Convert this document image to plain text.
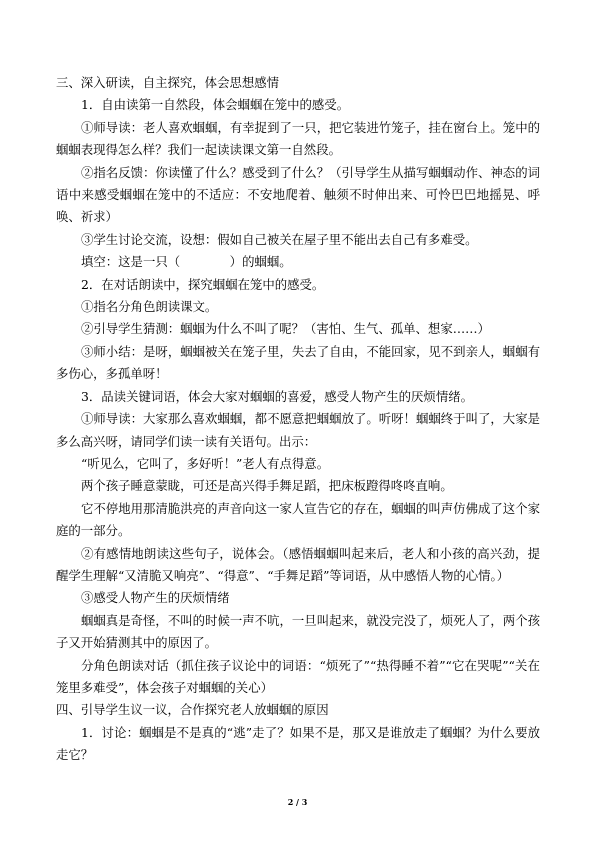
三、深入研读，自主探究，体会思想感情

1．自由读第一自然段，体会蝈蝈在笼中的感受。

①师导读：老人喜欢蝈蝈，有幸捉到了一只，把它装进竹笼子，挂在窗台上。笼中的蝈蝈表现得怎么样？我们一起读读课文第一自然段。

②指名反馈：你读懂了什么？感受到了什么？（引导学生从描写蝈蝈动作、神态的词语中来感受蝈蝈在笼中的不适应：不安地爬着、触须不时伸出来、可怜巴巴地摇晃、呼唤、祈求）

③学生讨论交流，设想：假如自己被关在屋子里不能出去自己有多难受。

填空：这是一只（　　　　）的蝈蝈。

2．在对话朗读中，探究蝈蝈在笼中的感受。

①指名分角色朗读课文。

②引导学生猜测：蝈蝈为什么不叫了呢？（害怕、生气、孤单、想家……）

③师小结：是呀，蝈蝈被关在笼子里，失去了自由，不能回家，见不到亲人，蝈蝈有多伤心，多孤单呀！

3．品读关键词语，体会大家对蝈蝈的喜爱，感受人物产生的厌烦情绪。

①师导读：大家那么喜欢蝈蝈，都不愿意把蝈蝈放了。听呀！蝈蝈终于叫了，大家是多么高兴呀，请同学们读一读有关语句。出示：

“听见么，它叫了，多好听！”老人有点得意。

两个孩子睡意蒙眬，可还是高兴得手舞足蹈，把床板蹬得咚咚直响。

它不停地用那清脆洪亮的声音向这一家人宣告它的存在，蝈蝈的叫声仿佛成了这个家庭的一部分。

②有感情地朗读这些句子，说体会。（感悟蝈蝈叫起来后，老人和小孩的高兴劲，提醒学生理解“又清脆又响亮”、“得意”、“手舞足蹈”等词语，从中感悟人物的心情。）

③感受人物产生的厌烦情绪

蝈蝈真是奇怪，不叫的时候一声不吭，一旦叫起来，就没完没了，烦死人了，两个孩子又开始猜测其中的原因了。

分角色朗读对话（抓住孩子议论中的词语：“烦死了”“热得睡不着”“它在哭呢”“关在笼里多难受”，体会孩子对蝈蝈的关心）

四、引导学生议一议，合作探究老人放蝈蝈的原因

1．讨论：蝈蝈是不是真的“逃”走了？如果不是，那又是谁放走了蝈蝈？为什么要放走它？

2 / 3
